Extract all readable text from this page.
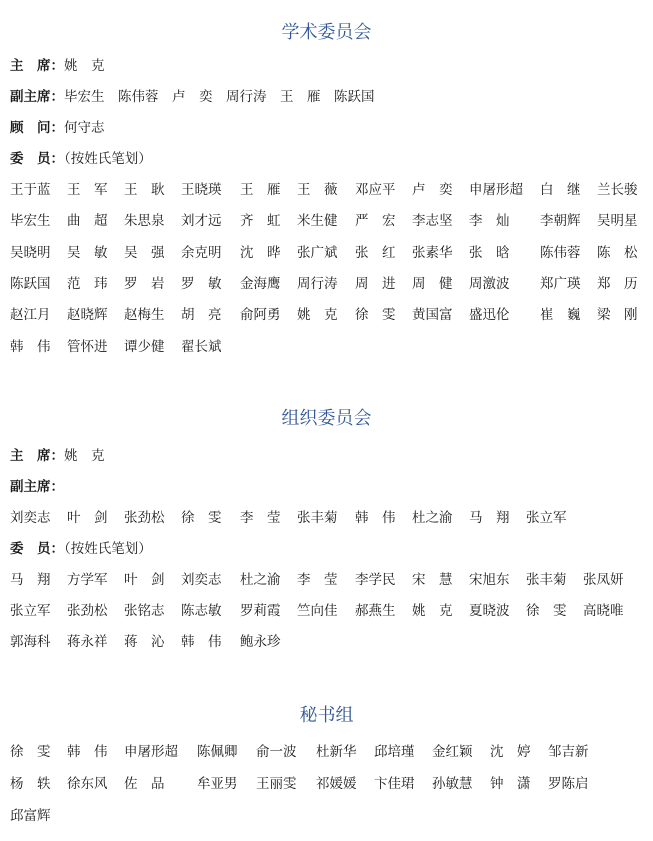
学术委员会
主　席：姚　克
副主席：毕宏生　陈伟蓉　卢　奕　周行涛　王　雁　陈跃国
顾　问：何守志
委　员：（按姓氏笔划）
王于蓝 王　军 王　耿 王晓瑛 王　雁 王　薇 邓应平 卢　奕 申屠形超 白　继 兰长骏
毕宏生 曲　超 朱思泉 刘才远 齐　虹 米生健 严　宏 李志坚 李　灿 李朝辉 吴明星
吴晓明 吴　敏 吴　强 余克明 沈　晔 张广斌 张　红 张素华 张　晗 陈伟蓉 陈　松
陈跃国 范　玮 罗　岩 罗　敏 金海鹰 周行涛 周　进 周　健 周激波 郑广瑛 郑　历
赵江月 赵晓辉 赵梅生 胡　亮 俞阿勇 姚　克 徐　雯 黄国富 盛迅伦 崔　巍 梁　刚
韩　伟 管怀进 谭少健 翟长斌
组织委员会
主　席：姚　克
副主席：
刘奕志 叶　剑 张劲松 徐　雯 李　莹 张丰菊 韩　伟 杜之渝 马　翔 张立军
委　员：（按姓氏笔划）
马　翔 方学军 叶　剑 刘奕志 杜之渝 李　莹 李学民 宋　慧 宋旭东 张丰菊 张凤妍
张立军 张劲松 张铭志 陈志敏 罗莉霞 竺向佳 郝燕生 姚　克 夏晓波 徐　雯 高晓唯
郭海科 蒋永祥 蒋　沁 韩　伟 鲍永珍
秘书组
徐　雯 韩　伟 申屠形超 陈佩卿 俞一波 杜新华 邱培瑾 金红颖 沈　婷 邹吉新
杨　轶 徐东风 佐　品 牟亚男 王丽雯 祁媛媛 卞佳珺 孙敏慧 钟　潇 罗陈启
邱富辉
